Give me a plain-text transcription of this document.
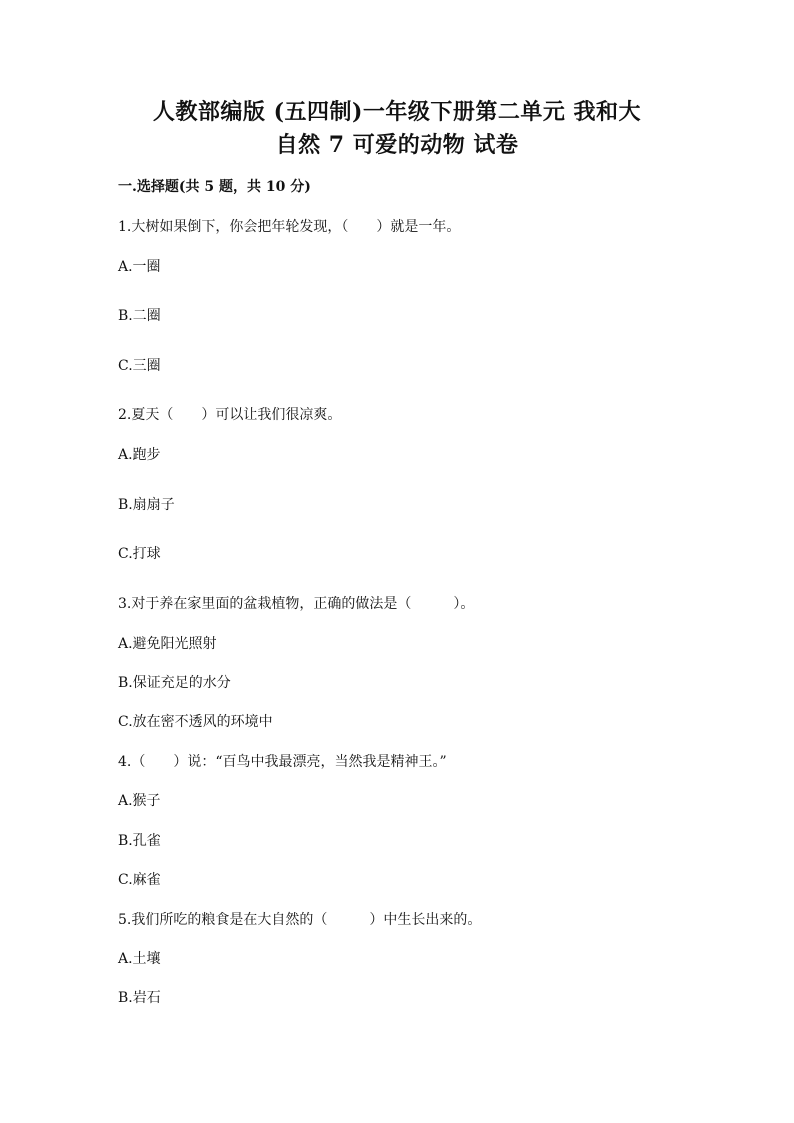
人教部编版 (五四制)一年级下册第二单元 我和大
自然 7 可爱的动物 试卷
一.选择题(共 5 题，共 10 分)
1.大树如果倒下，你会把年轮发现，（　　）就是一年。
A.一圈
B.二圈
C.三圈
2.夏天（　　）可以让我们很凉爽。
A.跑步
B.扇扇子
C.打球
3.对于养在家里面的盆栽植物，正确的做法是（　　　）。
A.避免阳光照射
B.保证充足的水分
C.放在密不透风的环境中
4.（　　）说：“百鸟中我最漂亮，当然我是精神王。”
A.猴子
B.孔雀
C.麻雀
5.我们所吃的粮食是在大自然的（　　　）中生长出来的。
A.土壤
B.岩石
